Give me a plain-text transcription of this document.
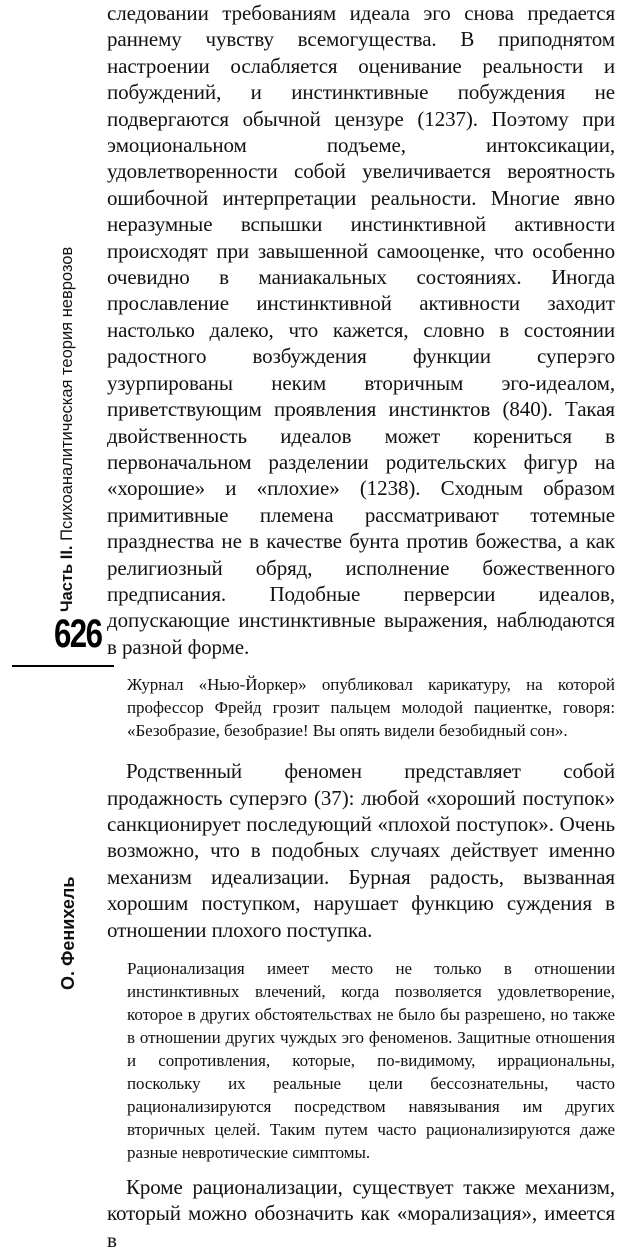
Часть II. Психоаналитическая теория неврозов
626
О. Фенихель

следовании требованиям идеала эго снова предается раннему чувству всемогущества. В приподнятом настроении ослабляется оценивание реальности и побуждений, и инстинктивные побуждения не подвергаются обычной цензуре (1237). Поэтому при эмоциональном подъеме, интоксикации, удовлетворенности собой увеличивается вероятность ошибочной интерпретации реальности. Многие явно неразумные вспышки инстинктивной активности происходят при завышенной самооценке, что особенно очевидно в маниакальных состояниях. Иногда прославление инстинктивной активности заходит настолько далеко, что кажется, словно в состоянии радостного возбуждения функции суперэго узурпированы неким вторичным эго-идеалом, приветствующим проявления инстинктов (840). Такая двойственность идеалов может корениться в первоначальном разделении родительских фигур на «хорошие» и «плохие» (1238). Сходным образом примитивные племена рассматривают тотемные празднества не в качестве бунта против божества, а как религиозный обряд, исполнение божественного предписания. Подобные перверсии идеалов, допускающие инстинктивные выражения, наблюдаются в разной форме.

Журнал «Нью-Йоркер» опубликовал карикатуру, на которой профессор Фрейд грозит пальцем молодой пациентке, говоря: «Безобразие, безобразие! Вы опять видели безобидный сон».

Родственный феномен представляет собой продажность суперэго (37): любой «хороший поступок» санкционирует последующий «плохой поступок». Очень возможно, что в подобных случаях действует именно механизм идеализации. Бурная радость, вызванная хорошим поступком, нарушает функцию суждения в отношении плохого поступка.

Рационализация имеет место не только в отношении инстинктивных влечений, когда позволяется удовлетворение, которое в других обстоятельствах не было бы разрешено, но также в отношении других чуждых эго феноменов. Защитные отношения и сопротивления, которые, по-видимому, иррациональны, поскольку их реальные цели бессознательны, часто рационализируются посредством навязывания им других вторичных целей. Таким путем часто рационализируются даже разные невротические симптомы.

Кроме рационализации, существует также механизм, который можно обозначить как «морализация», имеется в
